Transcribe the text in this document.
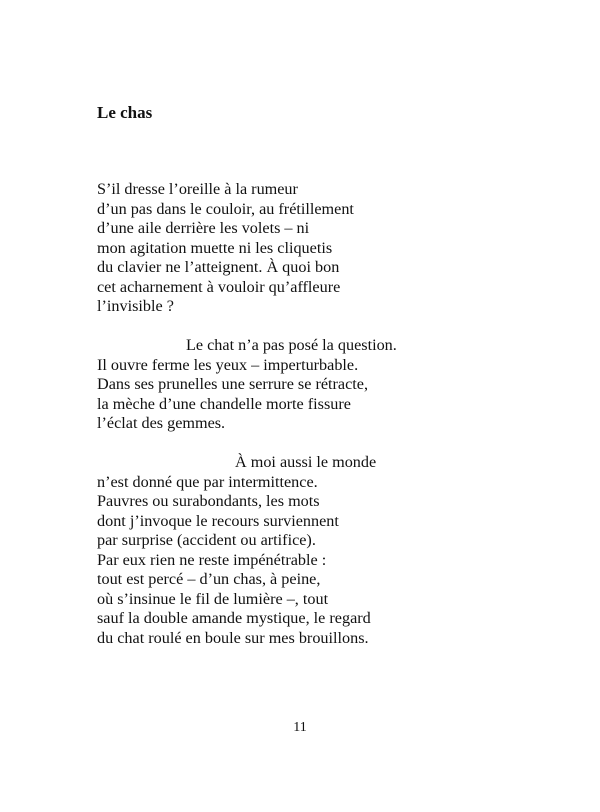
Le chas
S’il dresse l’oreille à la rumeur
d’un pas dans le couloir, au frétillement
d’une aile derrière les volets – ni
mon agitation muette ni les cliquetis
du clavier ne l’atteignent. À quoi bon
cet acharnement à vouloir qu’affleure
l’invisible ?
Le chat n’a pas posé la question.
Il ouvre ferme les yeux – imperturbable.
Dans ses prunelles une serrure se rétracte,
la mèche d’une chandelle morte fissure
l’éclat des gemmes.
À moi aussi le monde
n’est donné que par intermittence.
Pauvres ou surabondants, les mots
dont j’invoque le recours surviennent
par surprise (accident ou artifice).
Par eux rien ne reste impénétrable :
tout est percé – d’un chas, à peine,
où s’insinue le fil de lumière –, tout
sauf la double amande mystique, le regard
du chat roulé en boule sur mes brouillons.

11
